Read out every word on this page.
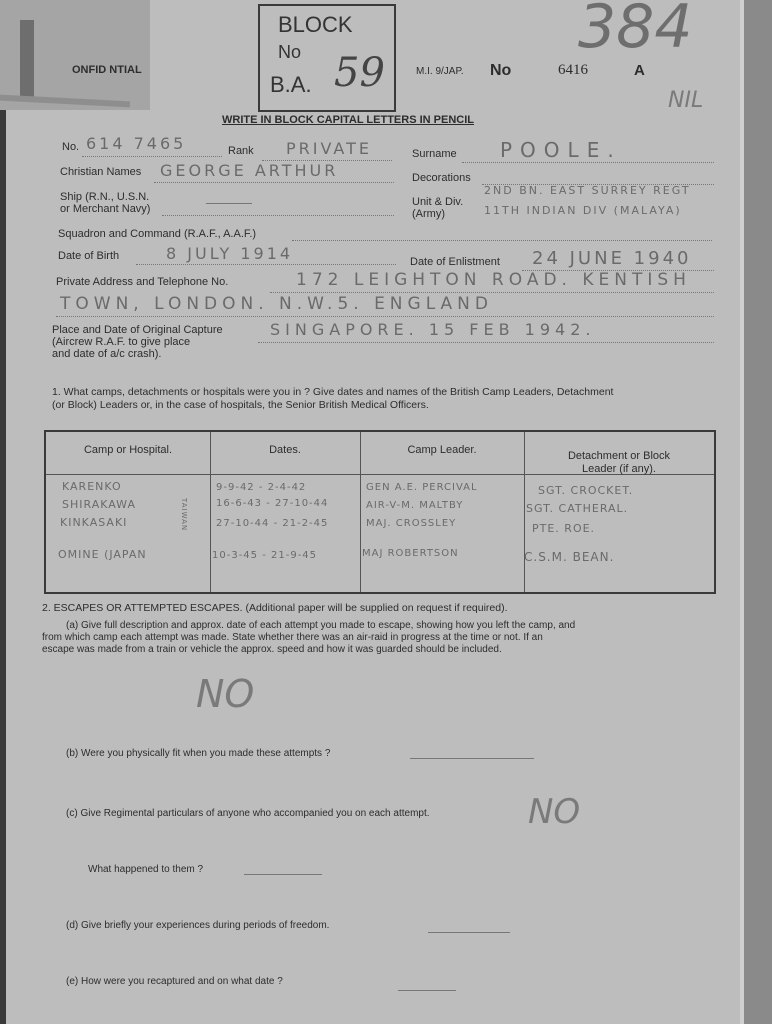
ONFID NTIAL
BLOCK
No
B.A. 59	M.I. 9/JAP. No	6416	A
384
NIL
WRITE IN BLOCK CAPITAL LETTERS IN PENCIL
No. 614 7465	Rank PRIVATE	Surname POOLE.
Christian Names GEORGE ARTHUR	Decorations
Ship (R.N., U.S.N.
or Merchant Navy)
Unit & Div.
(Army)
2ND BN. EAST SURREY REGT
11TH INDIAN DIV (MALAYA)
Squadron and Command (R.A.F., A.A.F.)
Date of Birth	8 JULY 1914	Date of Enlistment 24 JUNE 1940
Private Address and Telephone No.	172 LEIGHTON ROAD. KENTISH
TOWN, LONDON. N.W.5. ENGLAND
Place and Date of Original Capture
(Aircrew R.A.F. to give place
and date of a/c crash).
SINGAPORE. 15 FEB 1942.
1. What camps, detachments or hospitals were you in ? Give dates and names of the British Camp Leaders, Detachment
(or Block) Leaders or, in the case of hospitals, the Senior British Medical Officers.
Camp or Hospital.	Dates.	Camp Leader.	Detachment or Block
Leader (if any).
KARENKO	9-9-42 - 2-4-42	GEN A.E. PERCIVAL	SGT. CROCKET.
SHIRAKAWA	16-6-43 - 27-10-44	AIR-V-M. MALTBY	SGT. CATHERAL.
KINKASAKI	27-10-44 - 21-2-45	MAJ. CROSSLEY	PTE. ROE.
OMINE (JAPAN	10-3-45 - 21-9-45	MAJ ROBERTSON	C.S.M. BEAN.
TAIWAN
2. ESCAPES OR ATTEMPTED ESCAPES. (Additional paper will be supplied on request if required).
(a) Give full description and approx. date of each attempt you made to escape, showing how you left the camp, and
from which camp each attempt was made. State whether there was an air-raid in progress at the time or not. If an
escape was made from a train or vehicle the approx. speed and how it was guarded should be included.
NO
(b) Were you physically fit when you made these attempts ?
(c) Give Regimental particulars of anyone who accompanied you on each attempt.	NO
What happened to them ?
(d) Give briefly your experiences during periods of freedom.
(e) How were you recaptured and on what date ?
